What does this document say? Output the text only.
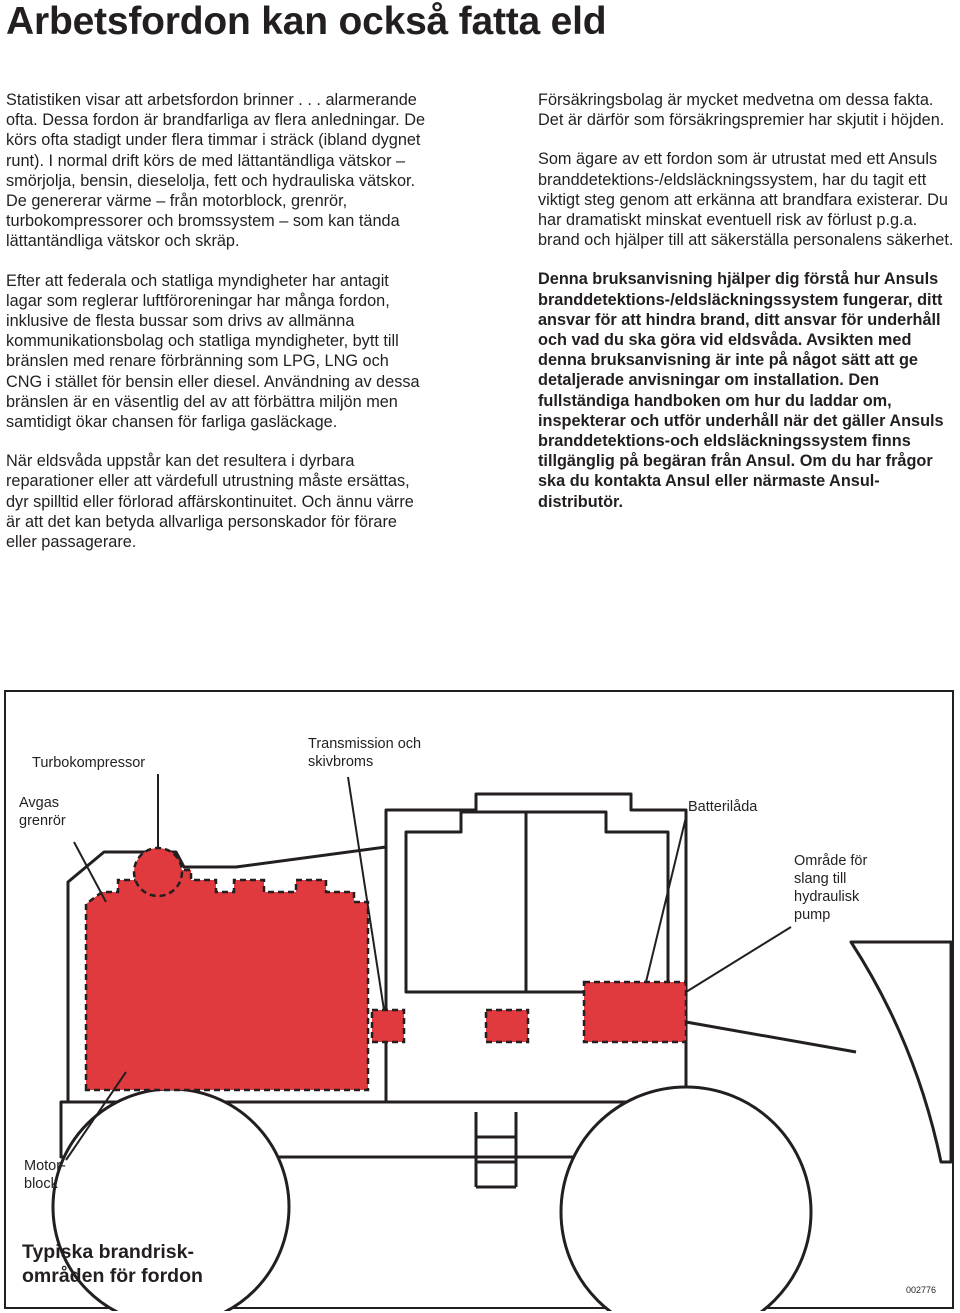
Arbetsfordon kan också fatta eld

Statistiken visar att arbetsfordon brinner . . . alarmerande ofta. Dessa fordon är brandfarliga av flera anledningar. De körs ofta stadigt under flera timmar i sträck (ibland dygnet runt). I normal drift körs de med lättantändliga vätskor – smörjolja, bensin, dieselolja, fett och hydrauliska vätskor. De genererar värme – från motorblock, grenrör, turbokompressorer och bromssystem – som kan tända lättantändliga vätskor och skräp.

Efter att federala och statliga myndigheter har antagit lagar som reglerar luftföroreningar har många fordon, inklusive de flesta bussar som drivs av allmänna kommunikationsbolag och statliga myndigheter, bytt till bränslen med renare förbränning som LPG, LNG och CNG i stället för bensin eller diesel. Användning av dessa bränslen är en väsentlig del av att förbättra miljön men samtidigt ökar chansen för farliga gasläckage.

När eldsvåda uppstår kan det resultera i dyrbara reparationer eller att värdefull utrustning måste ersättas, dyr spilltid eller förlorad affärskontinuitet. Och ännu värre är att det kan betyda allvarliga personskador för förare eller passagerare.

Försäkringsbolag är mycket medvetna om dessa fakta. Det är därför som försäkringspremier har skjutit i höjden.

Som ägare av ett fordon som är utrustat med ett Ansuls branddetektions-/eldsläckningssystem, har du tagit ett viktigt steg genom att erkänna att brandfara existerar. Du har dramatiskt minskat eventuell risk av förlust p.g.a. brand och hjälper till att säkerställa personalens säkerhet.

Denna bruksanvisning hjälper dig förstå hur Ansuls branddetektions-/eldsläckningssystem fungerar, ditt ansvar för att hindra brand, ditt ansvar för underhåll och vad du ska göra vid eldsvåda. Avsikten med denna bruksanvisning är inte på något sätt att ge detaljerade anvisningar om installation. Den fullständiga handboken om hur du laddar om, inspekterar och utför underhåll när det gäller Ansuls branddetektions-och eldsläckningssystem finns tillgänglig på begäran från Ansul. Om du har frågor ska du kontakta Ansul eller närmaste Ansul-distributör.

Turbokompressor
Transmission och
skivbroms
Avgas
grenrör
Batterilåda
Område för
slang till
hydraulisk
pump
Motor-
block
Typiska brandrisk-
områden för fordon
002776
